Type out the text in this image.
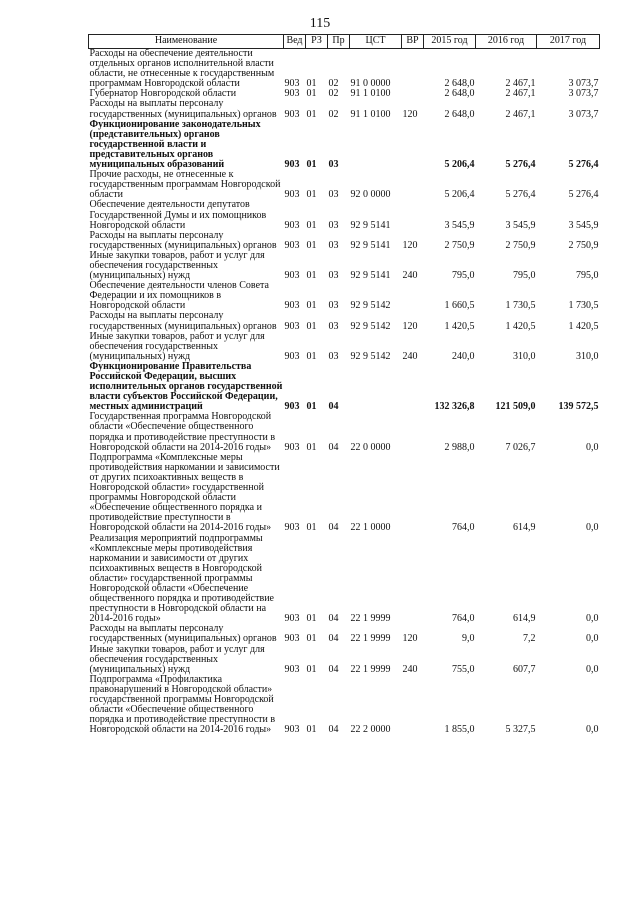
115
Наименование	Вед	РЗ	Пр	ЦСТ	ВР	2015 год	2016 год	2017 год
Расходы на обеспечение деятельности отдельных органов исполнительной власти области, не отнесенные к государственным программам Новгородской области	903	01	02	91 0 0000		2 648,0	2 467,1	3 073,7
Губернатор Новгородской области	903	01	02	91 1 0100		2 648,0	2 467,1	3 073,7
Расходы на выплаты персоналу государственных (муниципальных) органов	903	01	02	91 1 0100	120	2 648,0	2 467,1	3 073,7
Функционирование законодательных (представительных) органов государственной власти и представительных органов муниципальных образований	903	01	03			5 206,4	5 276,4	5 276,4
Прочие расходы, не отнесенные к государственным программам Новгородской области	903	01	03	92 0 0000		5 206,4	5 276,4	5 276,4
Обеспечение деятельности депутатов Государственной Думы и их помощников Новгородской области	903	01	03	92 9 5141		3 545,9	3 545,9	3 545,9
Расходы на выплаты персоналу государственных (муниципальных) органов	903	01	03	92 9 5141	120	2 750,9	2 750,9	2 750,9
Иные закупки товаров, работ и услуг для обеспечения государственных (муниципальных) нужд	903	01	03	92 9 5141	240	795,0	795,0	795,0
Обеспечение деятельности членов Совета Федерации и их помощников в Новгородской области	903	01	03	92 9 5142		1 660,5	1 730,5	1 730,5
Расходы на выплаты персоналу государственных (муниципальных) органов	903	01	03	92 9 5142	120	1 420,5	1 420,5	1 420,5
Иные закупки товаров, работ и услуг для обеспечения государственных (муниципальных) нужд	903	01	03	92 9 5142	240	240,0	310,0	310,0
Функционирование Правительства Российской Федерации, высших исполнительных органов государственной власти субъектов Российской Федерации, местных администраций	903	01	04			132 326,8	121 509,0	139 572,5
Государственная программа Новгородской области «Обеспечение общественного порядка и противодействие преступности в Новгородской области на 2014-2016 годы»	903	01	04	22 0 0000		2 988,0	7 026,7	0,0
Подпрограмма «Комплексные меры противодействия наркомании и зависимости от других психоактивных веществ в Новгородской области» государственной программы Новгородской области «Обеспечение общественного порядка и противодействие преступности в Новгородской области на 2014-2016 годы»	903	01	04	22 1 0000		764,0	614,9	0,0
Реализация мероприятий подпрограммы «Комплексные меры противодействия наркомании и зависимости от других психоактивных веществ в Новгородской области» государственной программы Новгородской области «Обеспечение общественного порядка и противодействие преступности в Новгородской области на 2014-2016 годы»	903	01	04	22 1 9999		764,0	614,9	0,0
Расходы на выплаты персоналу государственных (муниципальных) органов	903	01	04	22 1 9999	120	9,0	7,2	0,0
Иные закупки товаров, работ и услуг для обеспечения государственных (муниципальных) нужд	903	01	04	22 1 9999	240	755,0	607,7	0,0
Подпрограмма «Профилактика правонарушений в Новгородской области» государственной программы Новгородской области «Обеспечение общественного порядка и противодействие преступности в Новгородской области на 2014-2016 годы»	903	01	04	22 2 0000		1 855,0	5 327,5	0,0
